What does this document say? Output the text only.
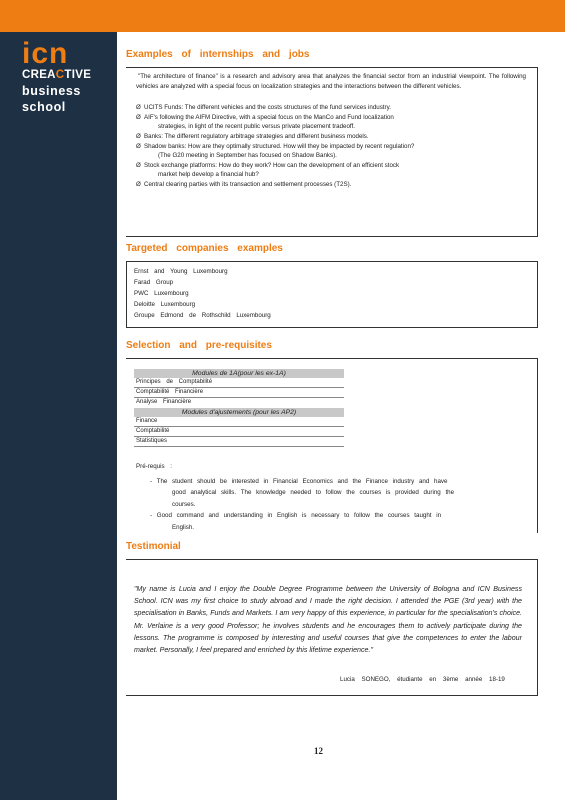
icn
CREACTIVE
business
school
Examples of internships and jobs
"The architecture of finance" is a research and advisory area that analyzes the financial sector from an industrial viewpoint. The following vehicles are analyzed with a special focus on localization strategies and the interactions between the different vehicles.
Ø UCITS Funds: The different vehicles and the costs structures of the fund services industry.
Ø AIF's following the AIFM Directive, with a special focus on the ManCo and Fund localization
strategies, in light of the recent public versus private placement tradeoff.
Ø Banks: The different regulatory arbitrage strategies and different business models.
Ø Shadow banks: How are they optimally structured. How will they be impacted by recent regulation?
(The G20 meeting in September has focused on Shadow Banks).
Ø Stock exchange platforms: How do they work? How can the development of an efficient stock
market help develop a financial hub?
Ø Central clearing parties with its transaction and settlement processes (T2S).
Targeted companies examples
Ernst and Young Luxembourg
Farad Group
PWC Luxembourg
Deloitte Luxembourg
Groupe Edmond de Rothschild Luxembourg
Selection and pre-requisites
Modules de 1A(pour les ex-1A)
Principes de Comptabilité
Comptabilité Financière
Analyse Financière
Modules d'ajustements (pour les AP2)
Finance
Comptabilité
Statistiques
Pré-requis :
- The student should be interested in Financial Economics and the Finance industry and have
good analytical skills. The knowledge needed to follow the courses is provided during the
courses.
- Good command and understanding in English is necessary to follow the courses taught in
English.
Testimonial
"My name is Lucia and I enjoy the Double Degree Programme between the University of Bologna and ICN Business School. ICN was my first choice to study abroad and I made the right decision. I attended the PGE (3rd year) with the specialisation in Banks, Funds and Markets. I am very happy of this experience, in particular for the specialisation's choice. Mr. Verlaine is a very good Professor; he involves students and he encourages them to actively participate during the lessons. The programme is composed by interesting and useful courses that give the competences to enter the labour market. Personally, I feel prepared and enriched by this lifetime experience."
Lucia SONEGO, étudiante en 3ème année 18-19
12
